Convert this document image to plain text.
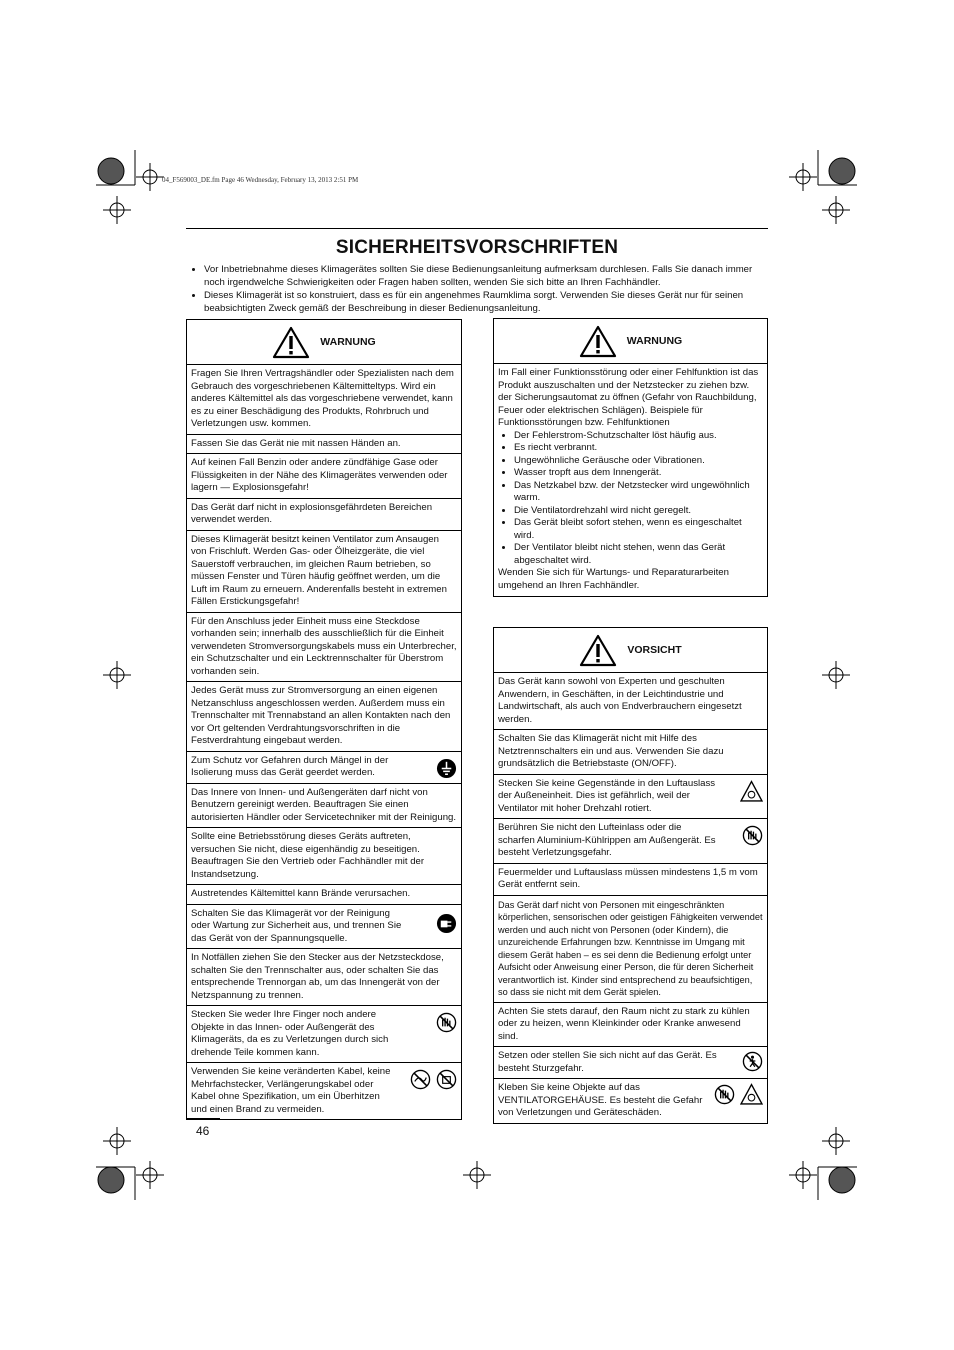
04_F569003_DE.fm Page 46 Wednesday, February 13, 2013 2:51 PM
SICHERHEITSVORSCHRIFTEN
• Vor Inbetriebnahme dieses Klimagerätes sollten Sie diese Bedienungsanleitung aufmerksam durchlesen. Falls Sie danach immer noch irgendwelche Schwierigkeiten oder Fragen haben sollten, wenden Sie sich bitte an Ihren Fachhändler.
• Dieses Klimagerät ist so konstruiert, dass es für ein angenehmes Raumklima sorgt. Verwenden Sie dieses Gerät nur für seinen beabsichtigten Zweck gemäß der Beschreibung in dieser Bedienungsanleitung.
WARNUNG
Fragen Sie Ihren Vertragshändler oder Spezialisten nach dem Gebrauch des vorgeschriebenen Kältemitteltyps. Wird ein anderes Kältemittel als das vorgeschriebene verwendet, kann es zu einer Beschädigung des Produkts, Rohrbruch und Verletzungen usw. kommen.
Fassen Sie das Gerät nie mit nassen Händen an.
Auf keinen Fall Benzin oder andere zündfähige Gase oder Flüssigkeiten in der Nähe des Klimagerätes verwenden oder lagern — Explosionsgefahr!
Das Gerät darf nicht in explosionsgefährdeten Bereichen verwendet werden.
Dieses Klimagerät besitzt keinen Ventilator zum Ansaugen von Frischluft. Werden Gas- oder Ölheizgeräte, die viel Sauerstoff verbrauchen, im gleichen Raum betrieben, so müssen Fenster und Türen häufig geöffnet werden, um die Luft im Raum zu erneuern. Anderenfalls besteht in extremen Fällen Erstickungsgefahr!
Für den Anschluss jeder Einheit muss eine Steckdose vorhanden sein; innerhalb des ausschließlich für die Einheit verwendeten Stromversorgungskabels muss ein Unterbrecher, ein Schutzschalter und ein Lecktrennschalter für Überstrom vorhanden sein.
Jedes Gerät muss zur Stromversorgung an einen eigenen Netzanschluss angeschlossen werden. Außerdem muss ein Trennschalter mit Trennabstand an allen Kontakten nach den vor Ort geltenden Verdrahtungsvorschriften in die Festverdrahtung eingebaut werden.
Zum Schutz vor Gefahren durch Mängel in der Isolierung muss das Gerät geerdet werden.
Das Innere von Innen- und Außengeräten darf nicht von Benutzern gereinigt werden. Beauftragen Sie einen autorisierten Händler oder Servicetechniker mit der Reinigung.
Sollte eine Betriebsstörung dieses Geräts auftreten, versuchen Sie nicht, diese eigenhändig zu beseitigen. Beauftragen Sie den Vertrieb oder Fachhändler mit der Instandsetzung.
Austretendes Kältemittel kann Brände verursachen.
Schalten Sie das Klimagerät vor der Reinigung oder Wartung zur Sicherheit aus, und trennen Sie das Gerät von der Spannungsquelle.
In Notfällen ziehen Sie den Stecker aus der Netzsteckdose, schalten Sie den Trennschalter aus, oder schalten Sie das entsprechende Trennorgan ab, um das Innengerät von der Netzspannung zu trennen.
Stecken Sie weder Ihre Finger noch andere Objekte in das Innen- oder Außengerät des Klimageräts, da es zu Verletzungen durch sich drehende Teile kommen kann.
Verwenden Sie keine veränderten Kabel, keine Mehrfachstecker, Verlängerungskabel oder Kabel ohne Spezifikation, um ein Überhitzen und einen Brand zu vermeiden.
WARNUNG
Im Fall einer Funktionsstörung oder einer Fehlfunktion ist das Produkt auszuschalten und der Netzstecker zu ziehen bzw. der Sicherungsautomat zu öffnen (Gefahr von Rauchbildung, Feuer oder elektrischen Schlägen). Beispiele für Funktionsstörungen bzw. Fehlfunktionen
• Der Fehlerstrom-Schutzschalter löst häufig aus.
• Es riecht verbrannt.
• Ungewöhnliche Geräusche oder Vibrationen.
• Wasser tropft aus dem Innengerät.
• Das Netzkabel bzw. der Netzstecker wird ungewöhnlich warm.
• Die Ventilatordrehzahl wird nicht geregelt.
• Das Gerät bleibt sofort stehen, wenn es eingeschaltet wird.
• Der Ventilator bleibt nicht stehen, wenn das Gerät abgeschaltet wird.
Wenden Sie sich für Wartungs- und Reparaturarbeiten umgehend an Ihren Fachhändler.
VORSICHT
Das Gerät kann sowohl von Experten und geschulten Anwendern, in Geschäften, in der Leichtindustrie und Landwirtschaft, als auch von Endverbrauchern eingesetzt werden.
Schalten Sie das Klimagerät nicht mit Hilfe des Netztrennschalters ein und aus. Verwenden Sie dazu grundsätzlich die Betriebstaste (ON/OFF).
Stecken Sie keine Gegenstände in den Luftauslass der Außeneinheit. Dies ist gefährlich, weil der Ventilator mit hoher Drehzahl rotiert.
Berühren Sie nicht den Lufteinlass oder die scharfen Aluminium-Kühlrippen am Außengerät. Es besteht Verletzungsgefahr.
Feuermelder und Luftauslass müssen mindestens 1,5 m vom Gerät entfernt sein.
Das Gerät darf nicht von Personen mit eingeschränkten körperlichen, sensorischen oder geistigen Fähigkeiten verwendet werden und auch nicht von Personen (oder Kindern), die unzureichende Erfahrungen bzw. Kenntnisse im Umgang mit diesem Gerät haben – es sei denn die Bedienung erfolgt unter Aufsicht oder Anweisung einer Person, die für deren Sicherheit verantwortlich ist. Kinder sind entsprechend zu beaufsichtigen, so dass sie nicht mit dem Gerät spielen.
Achten Sie stets darauf, den Raum nicht zu stark zu kühlen oder zu heizen, wenn Kleinkinder oder Kranke anwesend sind.
Setzen oder stellen Sie sich nicht auf das Gerät. Es besteht Sturzgefahr.
Kleben Sie keine Objekte auf das VENTILATORGEHÄUSE. Es besteht die Gefahr von Verletzungen und Geräteschäden.
46
